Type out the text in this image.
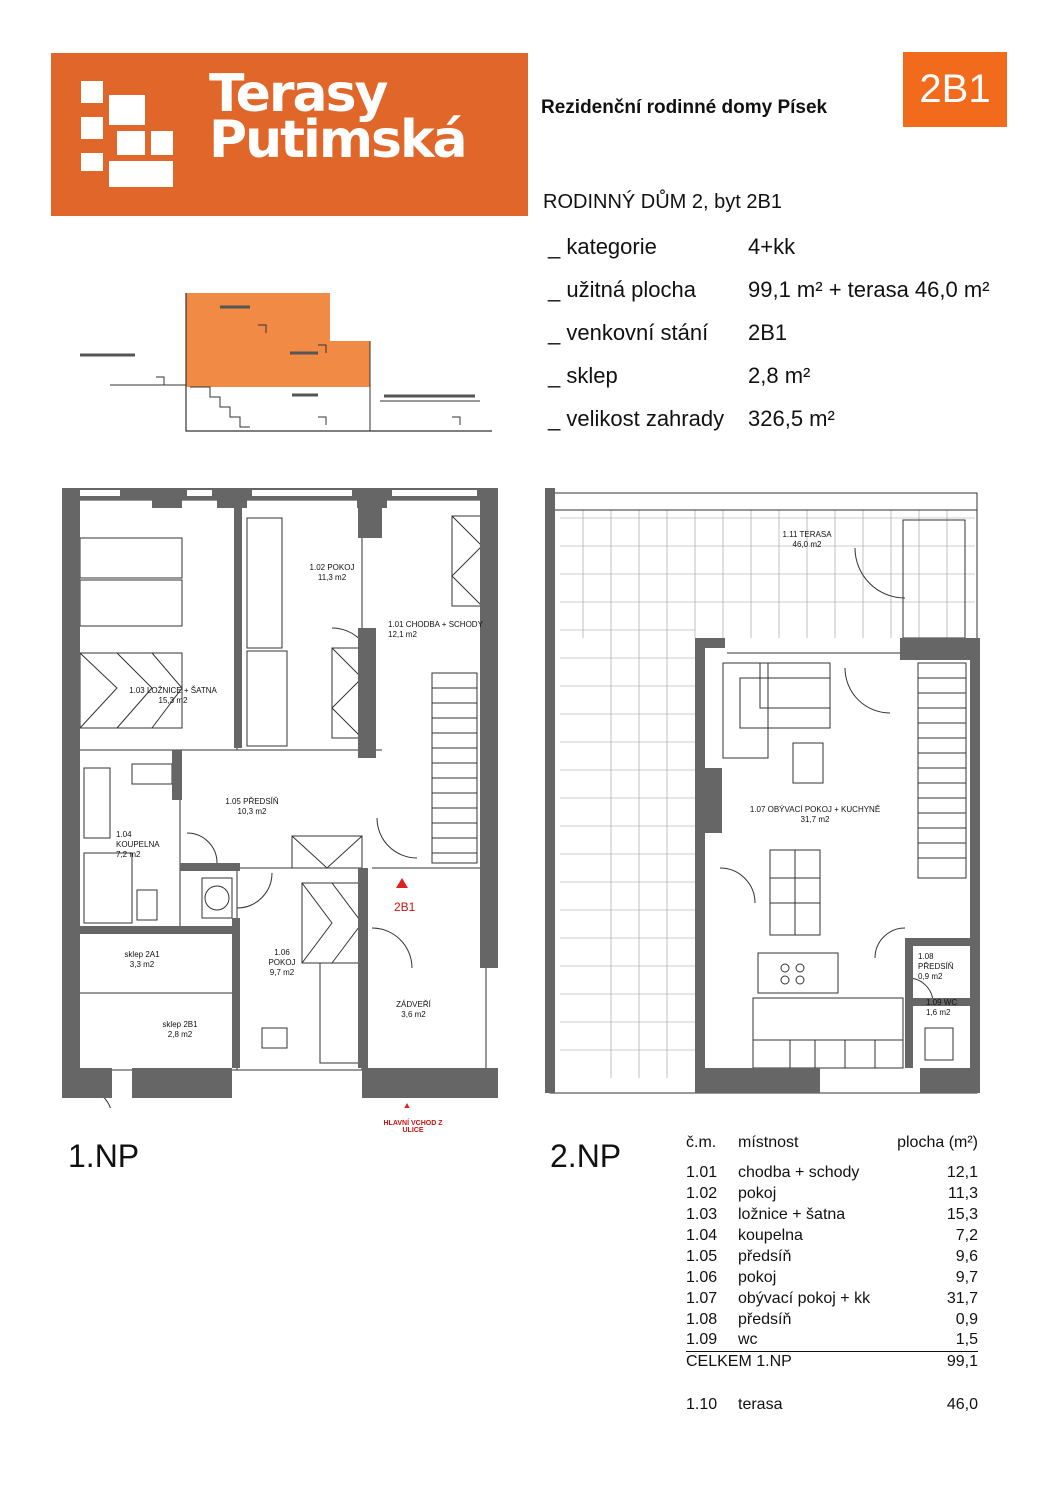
Terasy
Putimská
Rezidenční rodinné domy Písek	2B1
RODINNÝ DŮM 2, byt 2B1
_ kategorie	4+kk
_ užitná plocha	99,1 m² + terasa 46,0 m²
_ venkovní stání	2B1
_ sklep	2,8 m²
_ velikost zahrady	326,5 m²
1.02 POKOJ
11,3 m2
1.01 CHODBA + SCHODY
12,1 m2
1.03 LOŽNICE + ŠATNA
15,3 m2
1.04 KOUPELNA
7,2 m2
1.05 PŘEDSÍŇ
10,3 m2
1.06 POKOJ
9,7 m2
sklep 2A1
3,3 m2
sklep 2B1
2,8 m2
ZÁDVEŘÍ
3,6 m2
2B1
HLAVNÍ VCHOD Z ULICE
1.NP
1.11 TERASA
46,0 m2
1.07 OBÝVACÍ POKOJ + KUCHYNĚ
31,7 m2
1.08 PŘEDSÍŇ
0,9 m2
1.09 WC
1,6 m2
2.NP	č.m.	místnost	plocha (m²)
1.01	chodba + schody	12,1
1.02	pokoj	11,3
1.03	ložnice + šatna	15,3
1.04	koupelna	7,2
1.05	předsíň	9,6
1.06	pokoj	9,7
1.07	obývací pokoj + kk	31,7
1.08	předsíň	0,9
1.09	wc	1,5
CELKEM 1.NP		99,1

1.10	terasa	46,0
